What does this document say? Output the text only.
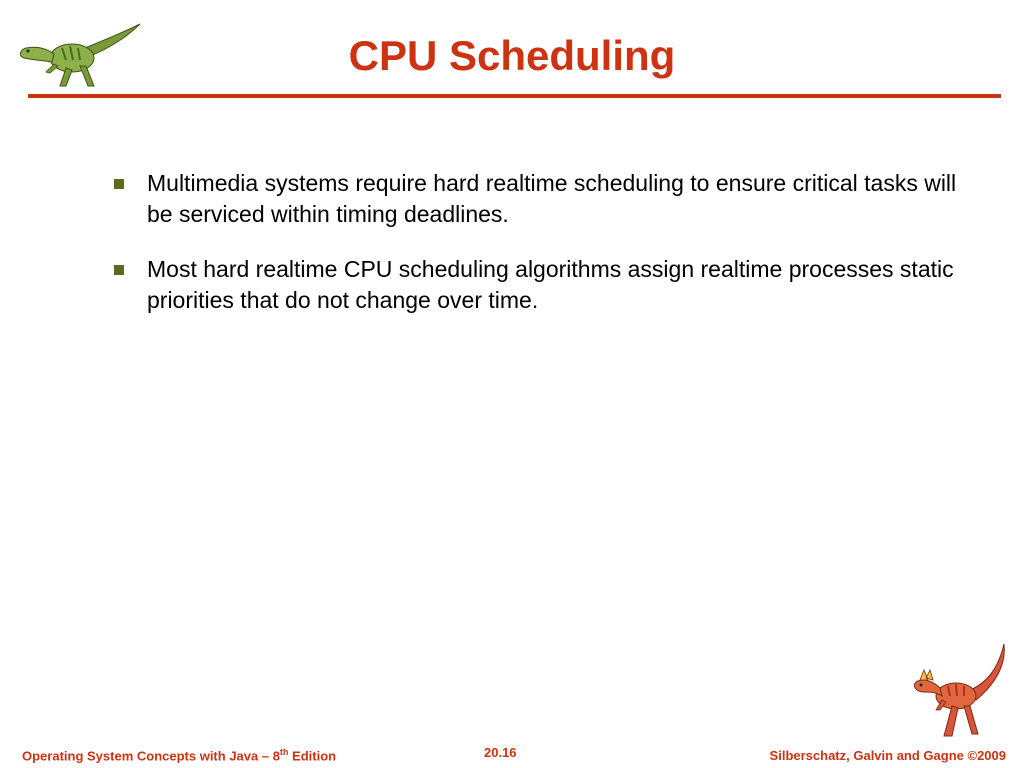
CPU Scheduling
Multimedia systems require hard realtime scheduling to ensure critical tasks will be serviced within timing deadlines.
Most hard realtime CPU scheduling algorithms assign realtime processes static priorities that do not change over time.
Operating System Concepts with Java – 8th Edition	20.16	Silberschatz, Galvin and Gagne ©2009
